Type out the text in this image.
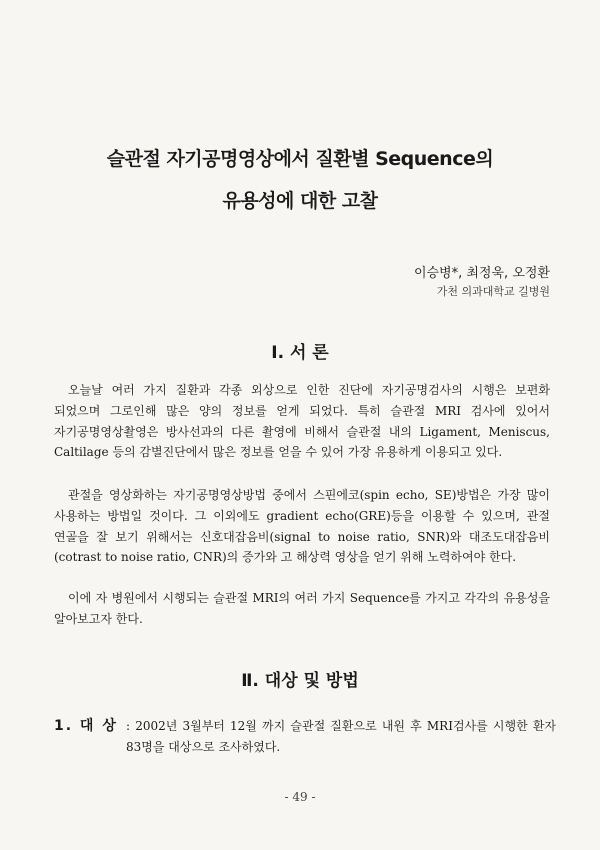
슬관절 자기공명영상에서 질환별 Sequence의
유용성에 대한 고찰
이승병*, 최정욱, 오정환
가천 의과대학교 길병원
Ⅰ. 서 론

오늘날 여러 가지 질환과 각종 외상으로 인한 진단에 자기공명검사의 시행은 보편화 되었으며 그로인해 많은 양의 정보를 얻게 되었다. 특히 슬관절 MRI 검사에 있어서 자기공명영상촬영은 방사선과의 다른 촬영에 비해서 슬관절 내의 Ligament, Meniscus, Caltilage 등의 감별진단에서 많은 정보를 얻을 수 있어 가장 유용하게 이용되고 있다.

관절을 영상화하는 자기공명영상방법 중에서 스핀에코(spin echo, SE)방법은 가장 많이 사용하는 방법일 것이다. 그 이외에도 gradient echo(GRE)등을 이용할 수 있으며, 관절 연골을 잘 보기 위해서는 신호대잡음비(signal to noise ratio, SNR)와 대조도대잡음비(cotrast to noise ratio, CNR)의 증가와 고 해상력 영상을 얻기 위해 노력하여야 한다.

이에 자 병원에서 시행되는 슬관절 MRI의 여러 가지 Sequence를 가지고 각각의 유용성을 알아보고자 한다.

Ⅱ. 대상 및 방법
1. 대 상 : 2002년 3월부터 12월 까지 슬관절 질환으로 내원 후 MRI검사를 시행한 환자 83명을 대상으로 조사하였다.
- 49 -
